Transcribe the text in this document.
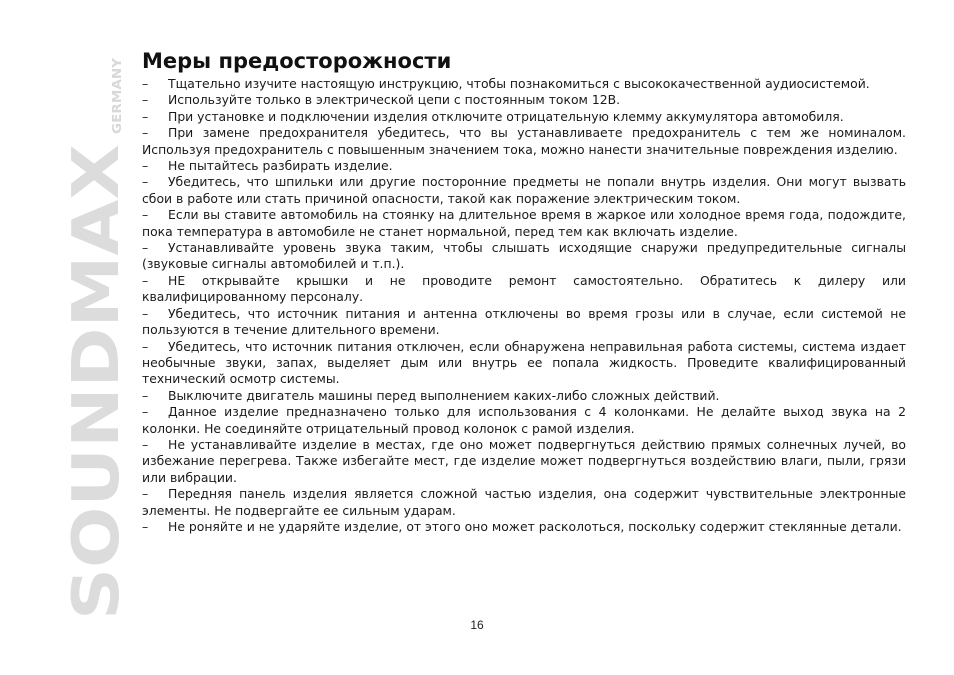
SOUNDMAX
GERMANY
Меры предосторожности

– Тщательно изучите настоящую инструкцию, чтобы познакомиться с высококачественной аудиосистемой.

– Используйте только в электрической цепи с постоянным током 12В.

– При установке и подключении изделия отключите отрицательную клемму аккумулятора автомобиля.

– При замене предохранителя убедитесь, что вы устанавливаете предохранитель с тем же номиналом. Используя предохранитель с повышенным значением тока, можно нанести значительные повреждения изделию.

– Не пытайтесь разбирать изделие.

– Убедитесь, что шпильки или другие посторонние предметы не попали внутрь изделия. Они могут вызвать сбои в работе или стать причиной опасности, такой как поражение электрическим током.

– Если вы ставите автомобиль на стоянку на длительное время в жаркое или холодное время года, подождите, пока температура в автомобиле не станет нормальной, перед тем как включать изделие.

– Устанавливайте уровень звука таким, чтобы слышать исходящие снаружи предупредительные сигналы (звуковые сигналы автомобилей и т.п.).

– НЕ открывайте крышки и не проводите ремонт самостоятельно. Обратитесь к дилеру или квалифицированному персоналу.

– Убедитесь, что источник питания и антенна отключены во время грозы или в случае, если системой не пользуются в течение длительного времени.

– Убедитесь, что источник питания отключен, если обнаружена неправильная работа системы, система издает необычные звуки, запах, выделяет дым или внутрь ее попала жидкость. Проведите квалифицированный технический осмотр системы.

– Выключите двигатель машины перед выполнением каких-либо сложных действий.

– Данное изделие предназначено только для использования с 4 колонками. Не делайте выход звука на 2 колонки. Не соединяйте отрицательный провод колонок с рамой изделия.

– Не устанавливайте изделие в местах, где оно может подвергнуться действию прямых солнечных лучей, во избежание перегрева. Также избегайте мест, где изделие может подвергнуться воздействию влаги, пыли, грязи или вибрации.

– Передняя панель изделия является сложной частью изделия, она содержит чувствительные электронные элементы. Не подвергайте ее сильным ударам.

– Не роняйте и не ударяйте изделие, от этого оно может расколоться, поскольку содержит стеклянные детали.

16
